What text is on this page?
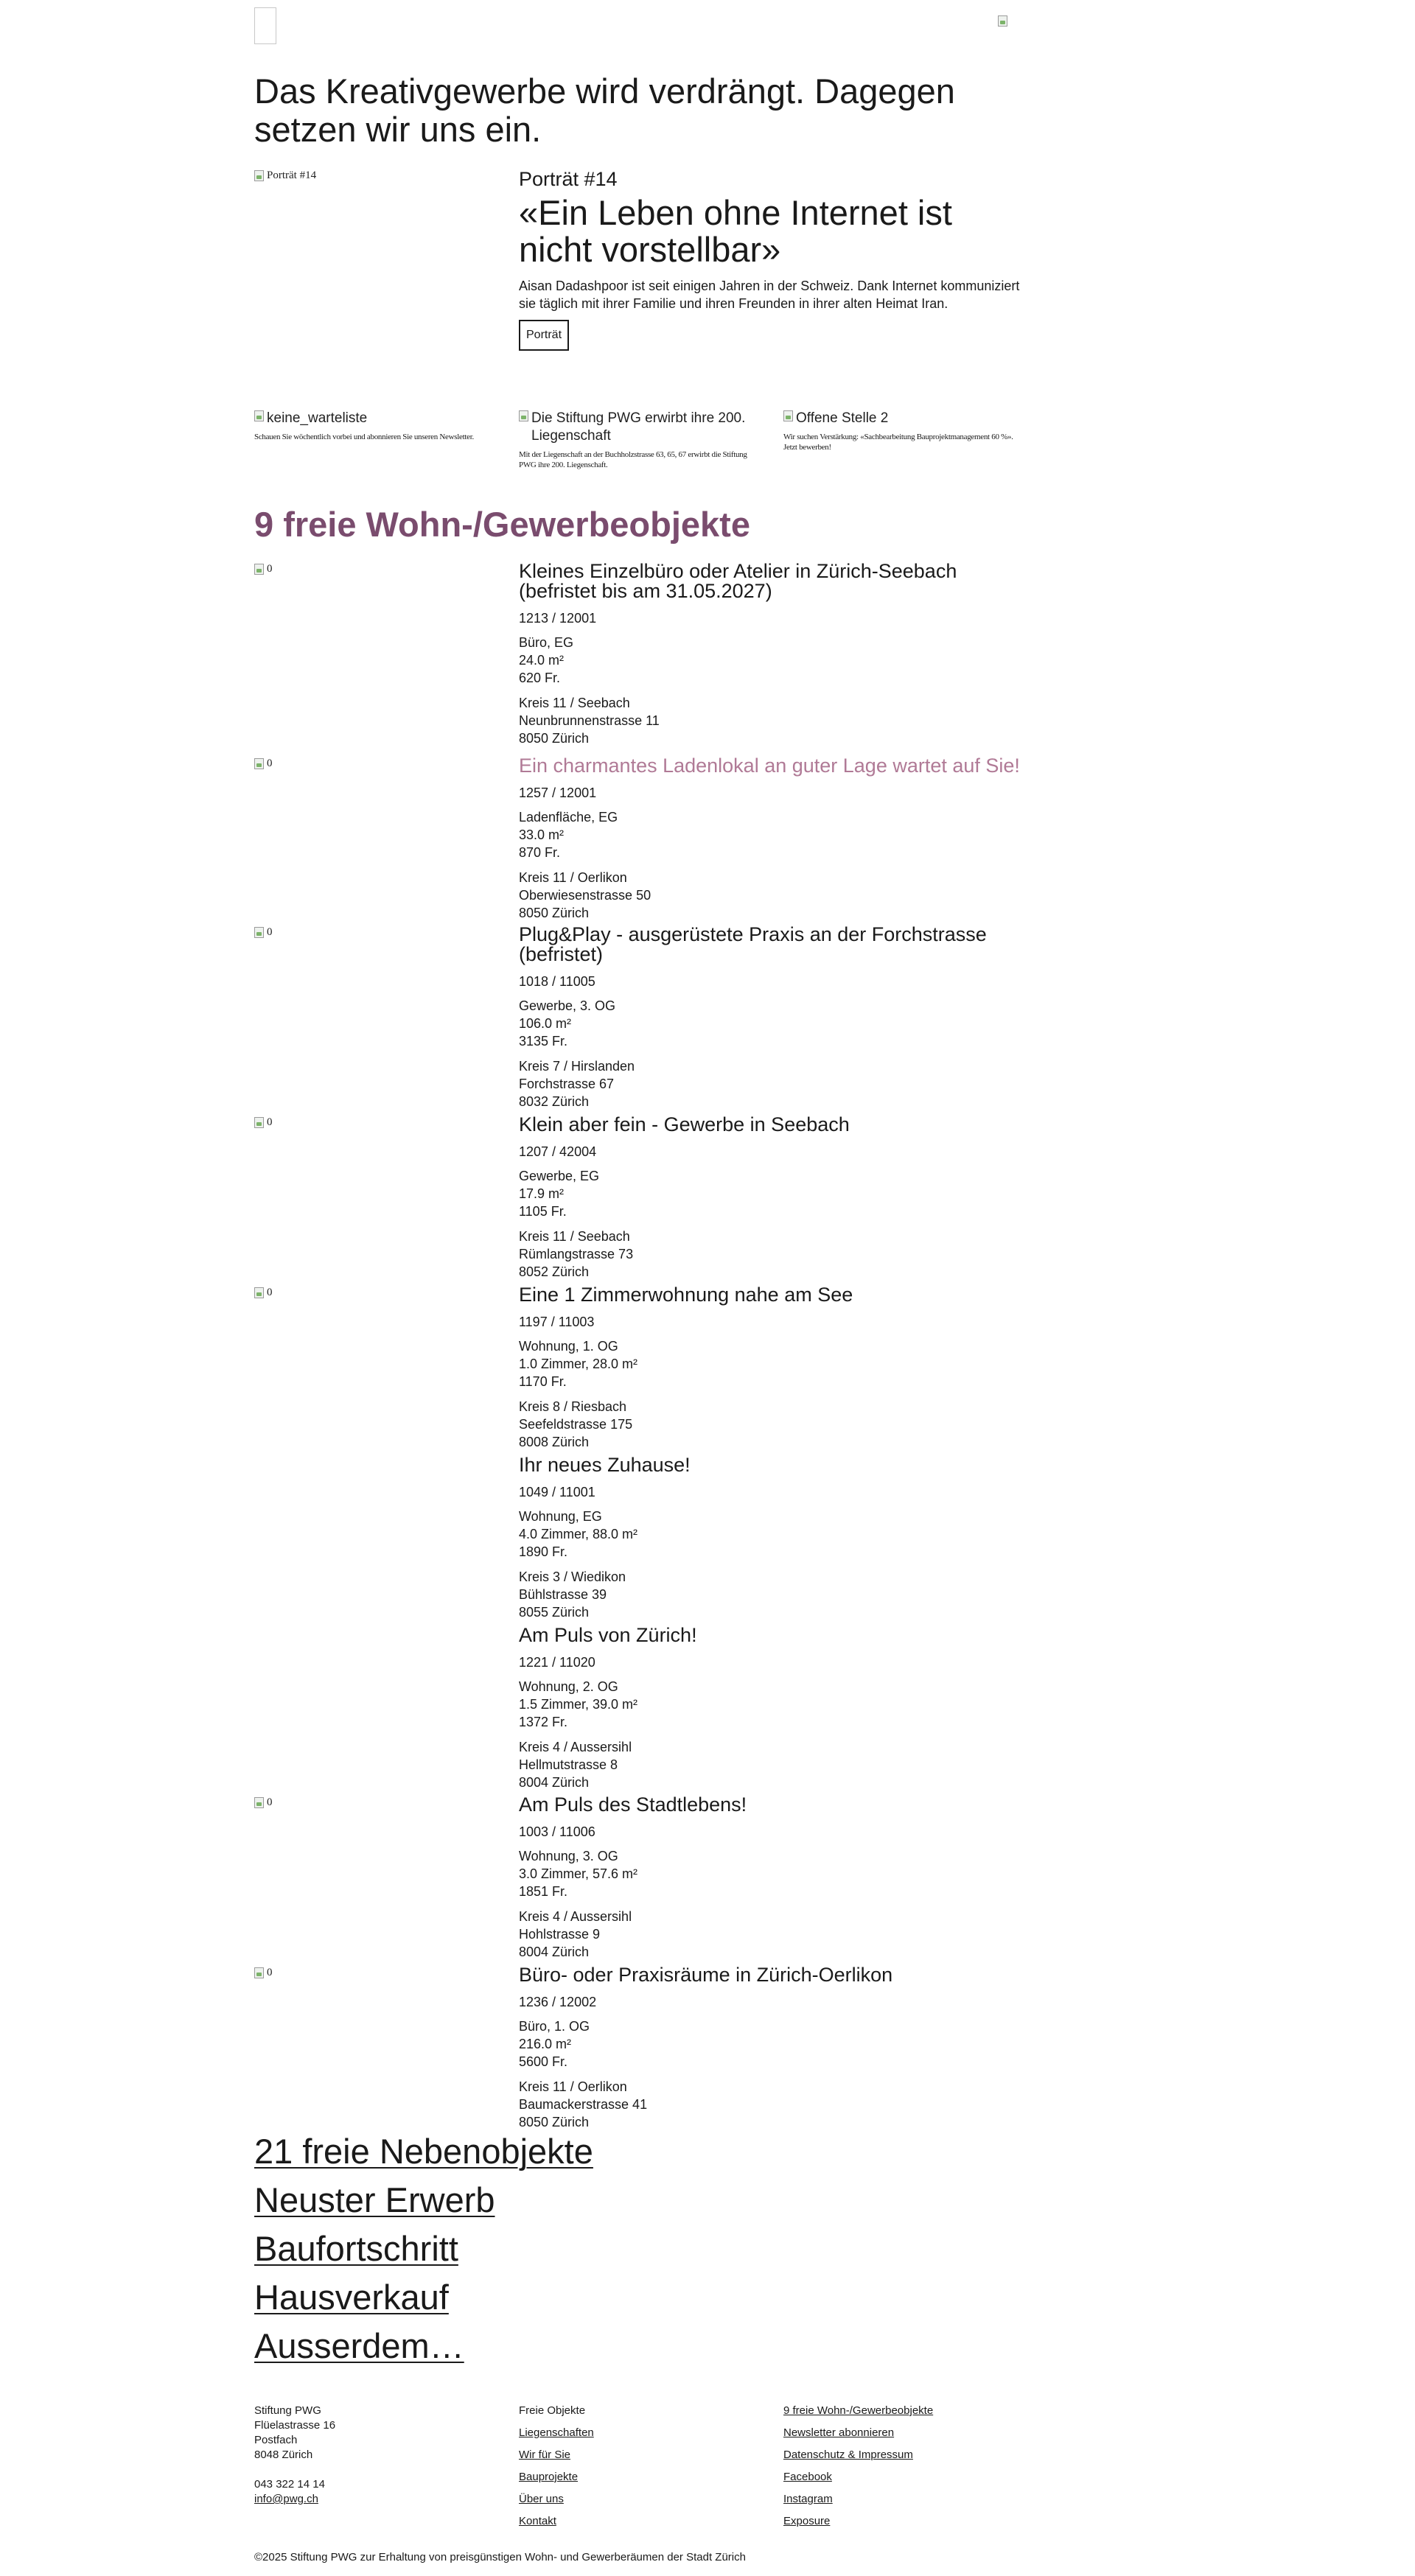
Das Kreativgewerbe wird verdrängt. Dagegen setzen wir uns ein.
Porträt #14	Porträt #14
«Ein Leben ohne Internet ist nicht vorstellbar»

Aisan Dadashpoor ist seit einigen Jahren in der Schweiz. Dank Internet kommuniziert sie täglich mit ihrer Familie und ihren Freunden in ihrer alten Heimat Iran.

Porträt
keine_warteliste
Schauen Sie wöchentlich vorbei und abonnieren Sie unseren Newsletter.
Die Stiftung PWG erwirbt ihre 200. Liegenschaft
Mit der Liegenschaft an der Buchholzstrasse 63, 65, 67 erwirbt die Stiftung PWG ihre 200. Liegenschaft.
Offene Stelle 2
Wir suchen Verstärkung: «Sachbearbeitung Bauprojektmanagement 60 %». Jetzt bewerben!
9 freie Wohn-/Gewerbeobjekte
0	Kleines Einzelbüro oder Atelier in Zürich-Seebach (befristet bis am 31.05.2027)
1213 / 12001
Büro, EG
24.0 m²
620 Fr.
Kreis 11 / Seebach
Neunbrunnenstrasse 11
8050 Zürich
0	Ein charmantes Ladenlokal an guter Lage wartet auf Sie!
1257 / 12001
Ladenfläche, EG
33.0 m²
870 Fr.
Kreis 11 / Oerlikon
Oberwiesenstrasse 50
8050 Zürich
0	Plug&Play - ausgerüstete Praxis an der Forchstrasse (befristet)
1018 / 11005
Gewerbe, 3. OG
106.0 m²
3135 Fr.
Kreis 7 / Hirslanden
Forchstrasse 67
8032 Zürich
0	Klein aber fein - Gewerbe in Seebach
1207 / 42004
Gewerbe, EG
17.9 m²
1105 Fr.
Kreis 11 / Seebach
Rümlangstrasse 73
8052 Zürich
0	Eine 1 Zimmerwohnung nahe am See
1197 / 11003
Wohnung, 1. OG
1.0 Zimmer, 28.0 m²
1170 Fr.
Kreis 8 / Riesbach
Seefeldstrasse 175
8008 Zürich
Ihr neues Zuhause!
1049 / 11001
Wohnung, EG
4.0 Zimmer, 88.0 m²
1890 Fr.
Kreis 3 / Wiedikon
Bühlstrasse 39
8055 Zürich
Am Puls von Zürich!
1221 / 11020
Wohnung, 2. OG
1.5 Zimmer, 39.0 m²
1372 Fr.
Kreis 4 / Aussersihl
Hellmutstrasse 8
8004 Zürich
0	Am Puls des Stadtlebens!
1003 / 11006
Wohnung, 3. OG
3.0 Zimmer, 57.6 m²
1851 Fr.
Kreis 4 / Aussersihl
Hohlstrasse 9
8004 Zürich
0	Büro- oder Praxisräume in Zürich-Oerlikon
1236 / 12002
Büro, 1. OG
216.0 m²
5600 Fr.
Kreis 11 / Oerlikon
Baumackerstrasse 41
8050 Zürich
21 freie Nebenobjekte
Neuster Erwerb
Baufortschritt
Hausverkauf
Ausserdem…
Stiftung PWG
Flüelastrasse 16
Postfach
8048 Zürich
043 322 14 14
info@pwg.ch
Freie Objekte
Liegenschaften
Wir für Sie
Bauprojekte
Über uns
Kontakt
9 freie Wohn-/Gewerbeobjekte
Newsletter abonnieren
Datenschutz & Impressum
Facebook
Instagram
Exposure
©2025 Stiftung PWG zur Erhaltung von preisgünstigen Wohn- und Gewerberäumen der Stadt Zürich
